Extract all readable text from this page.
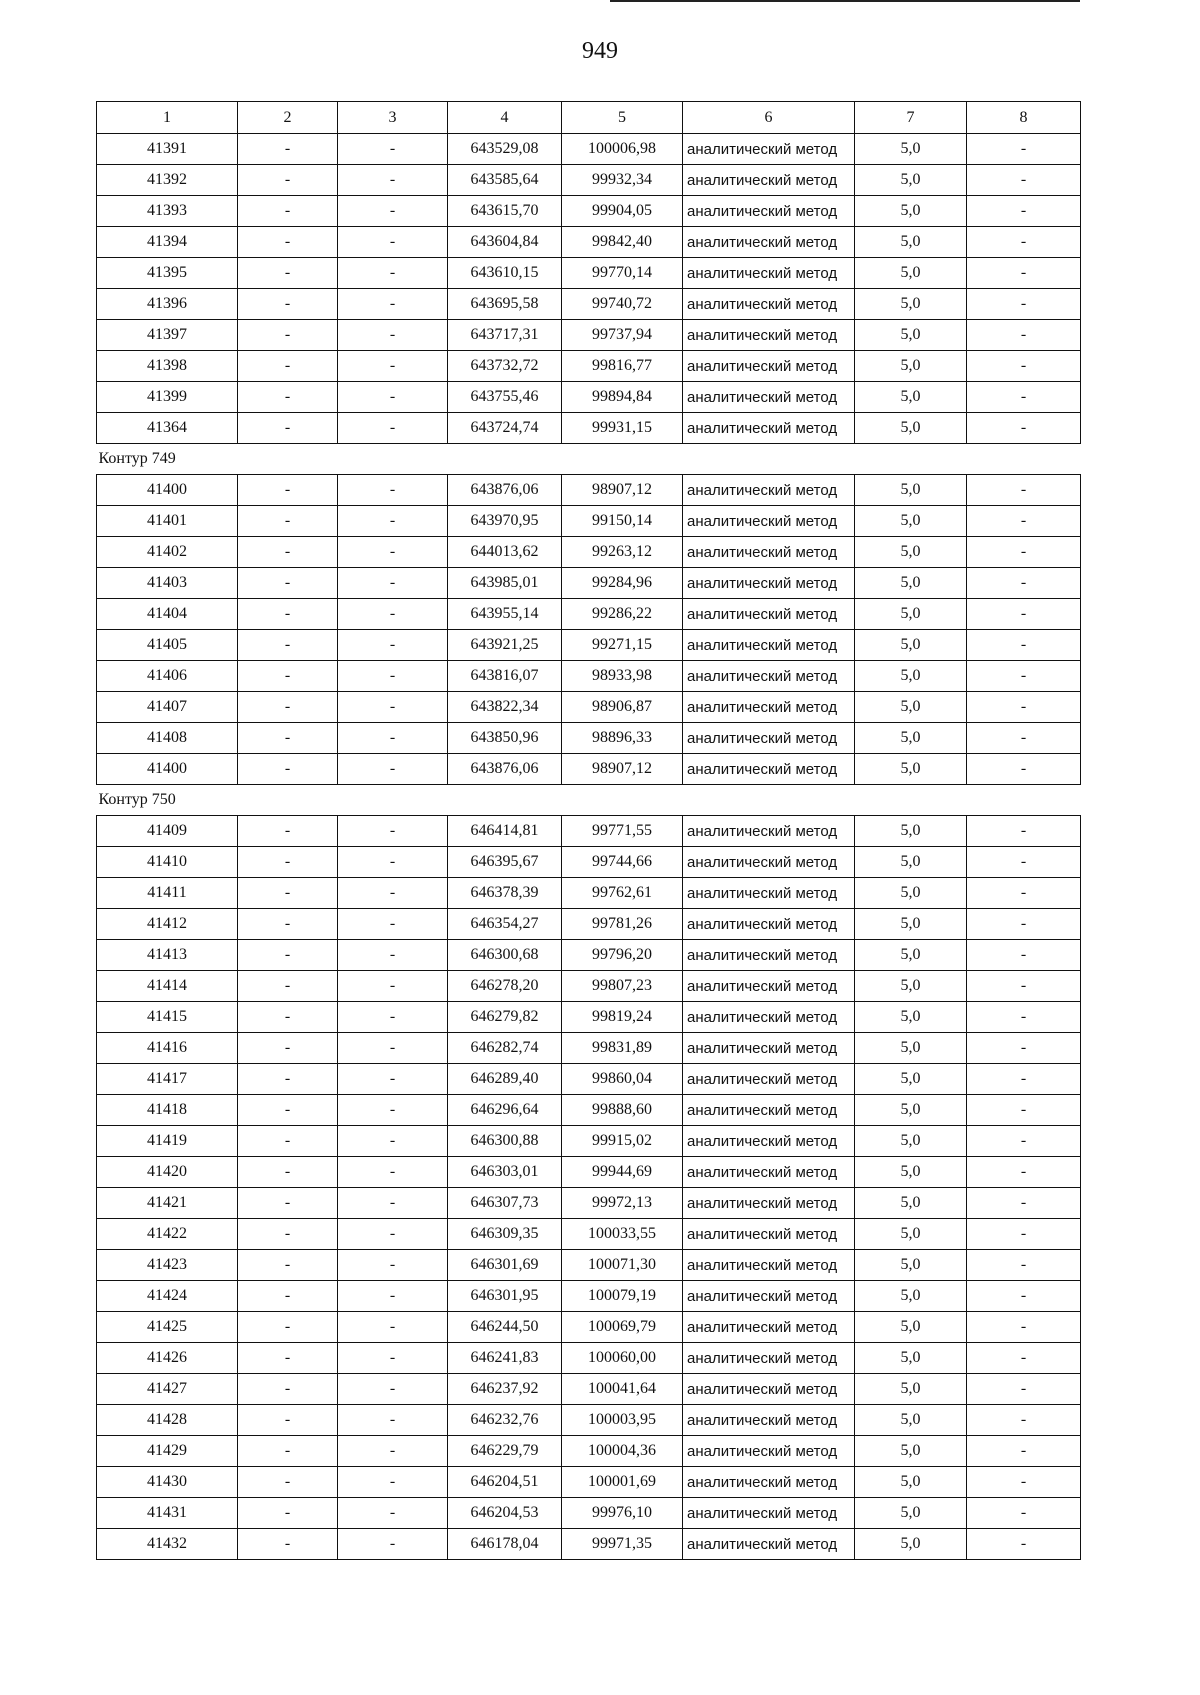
949
1	2	3	4	5	6	7	8
41391	-	-	643529,08	100006,98	аналитический метод	5,0	-
41392	-	-	643585,64	99932,34	аналитический метод	5,0	-
41393	-	-	643615,70	99904,05	аналитический метод	5,0	-
41394	-	-	643604,84	99842,40	аналитический метод	5,0	-
41395	-	-	643610,15	99770,14	аналитический метод	5,0	-
41396	-	-	643695,58	99740,72	аналитический метод	5,0	-
41397	-	-	643717,31	99737,94	аналитический метод	5,0	-
41398	-	-	643732,72	99816,77	аналитический метод	5,0	-
41399	-	-	643755,46	99894,84	аналитический метод	5,0	-
41364	-	-	643724,74	99931,15	аналитический метод	5,0	-
Контур 749							
41400	-	-	643876,06	98907,12	аналитический метод	5,0	-
41401	-	-	643970,95	99150,14	аналитический метод	5,0	-
41402	-	-	644013,62	99263,12	аналитический метод	5,0	-
41403	-	-	643985,01	99284,96	аналитический метод	5,0	-
41404	-	-	643955,14	99286,22	аналитический метод	5,0	-
41405	-	-	643921,25	99271,15	аналитический метод	5,0	-
41406	-	-	643816,07	98933,98	аналитический метод	5,0	-
41407	-	-	643822,34	98906,87	аналитический метод	5,0	-
41408	-	-	643850,96	98896,33	аналитический метод	5,0	-
41400	-	-	643876,06	98907,12	аналитический метод	5,0	-
Контур 750							
41409	-	-	646414,81	99771,55	аналитический метод	5,0	-
41410	-	-	646395,67	99744,66	аналитический метод	5,0	-
41411	-	-	646378,39	99762,61	аналитический метод	5,0	-
41412	-	-	646354,27	99781,26	аналитический метод	5,0	-
41413	-	-	646300,68	99796,20	аналитический метод	5,0	-
41414	-	-	646278,20	99807,23	аналитический метод	5,0	-
41415	-	-	646279,82	99819,24	аналитический метод	5,0	-
41416	-	-	646282,74	99831,89	аналитический метод	5,0	-
41417	-	-	646289,40	99860,04	аналитический метод	5,0	-
41418	-	-	646296,64	99888,60	аналитический метод	5,0	-
41419	-	-	646300,88	99915,02	аналитический метод	5,0	-
41420	-	-	646303,01	99944,69	аналитический метод	5,0	-
41421	-	-	646307,73	99972,13	аналитический метод	5,0	-
41422	-	-	646309,35	100033,55	аналитический метод	5,0	-
41423	-	-	646301,69	100071,30	аналитический метод	5,0	-
41424	-	-	646301,95	100079,19	аналитический метод	5,0	-
41425	-	-	646244,50	100069,79	аналитический метод	5,0	-
41426	-	-	646241,83	100060,00	аналитический метод	5,0	-
41427	-	-	646237,92	100041,64	аналитический метод	5,0	-
41428	-	-	646232,76	100003,95	аналитический метод	5,0	-
41429	-	-	646229,79	100004,36	аналитический метод	5,0	-
41430	-	-	646204,51	100001,69	аналитический метод	5,0	-
41431	-	-	646204,53	99976,10	аналитический метод	5,0	-
41432	-	-	646178,04	99971,35	аналитический метод	5,0	-
